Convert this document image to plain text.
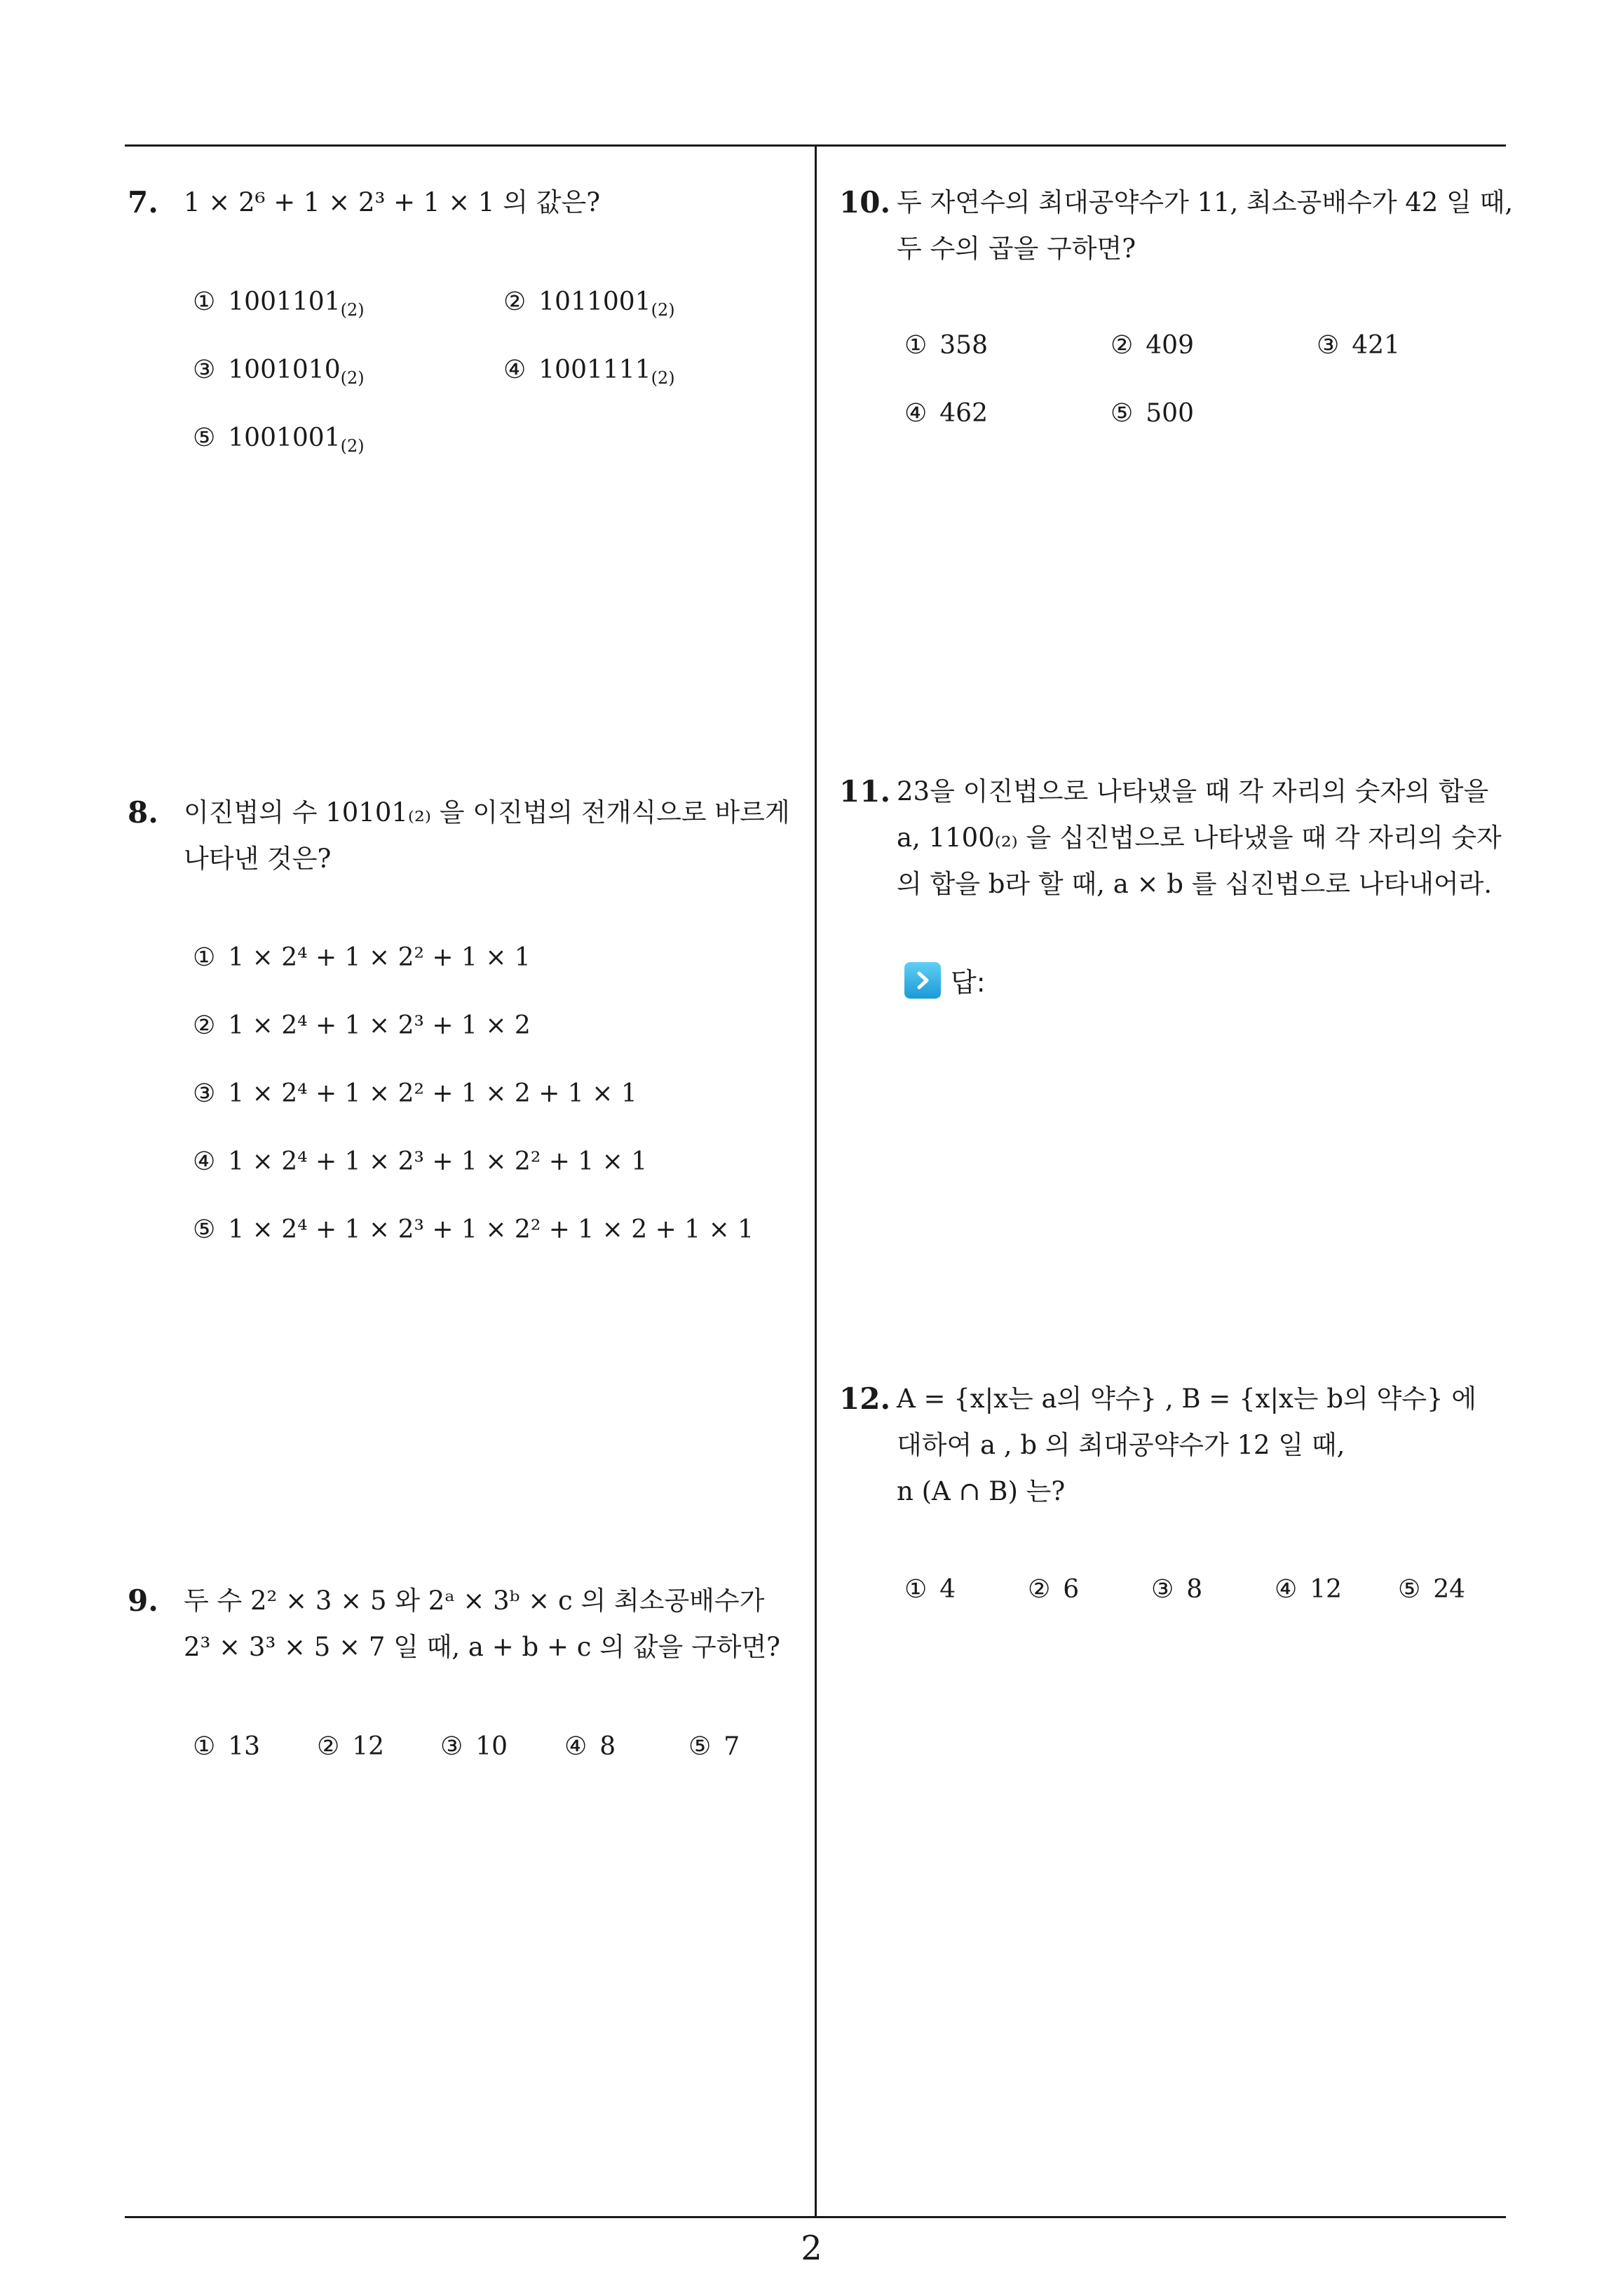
7. 1 × 2⁶ + 1 × 2³ + 1 × 1 의 값은?

① $1001101_{(2)}$	② $1011001_{(2)}$
③ $1001010_{(2)}$	④ $1001111_{(2)}$
⑤ $1001001_{(2)}$
8. 이진법의 수 10101₍₂₎ 을 이진법의 전개식으로 바르게

나타낸 것은?

① 1 × 2⁴ + 1 × 2² + 1 × 1
② 1 × 2⁴ + 1 × 2³ + 1 × 2
③ 1 × 2⁴ + 1 × 2² + 1 × 2 + 1 × 1
④ 1 × 2⁴ + 1 × 2³ + 1 × 2² + 1 × 1
⑤ 1 × 2⁴ + 1 × 2³ + 1 × 2² + 1 × 2 + 1 × 1
9. 두 수 2² × 3 × 5 와 2ᵃ × 3ᵇ × c 의 최소공배수가

2³ × 3³ × 5 × 7 일 때, a + b + c 의 값을 구하면?

① 13 ② 12 ③ 10 ④ 8	⑤ 7
10. 두 자연수의 최대공약수가 11, 최소공배수가 42 일 때,

두 수의 곱을 구하면?

① 358	② 409	③ 421
④ 462	⑤ 500
11. 23을 이진법으로 나타냈을 때 각 자리의 숫자의 합을

a, 1100₍₂₎ 을 십진법으로 나타냈을 때 각 자리의 숫자

의 합을 b라 할 때, a × b 를 십진법으로 나타내어라.

답:
12. A = {x|x는 a의 약수} , B = {x|x는 b의 약수} 에

대하여 a , b 의 최대공약수가 12 일 때,

n (A ∩ B) 는?

① 4	② 6	③ 8	④ 12 ⑤ 24
2
